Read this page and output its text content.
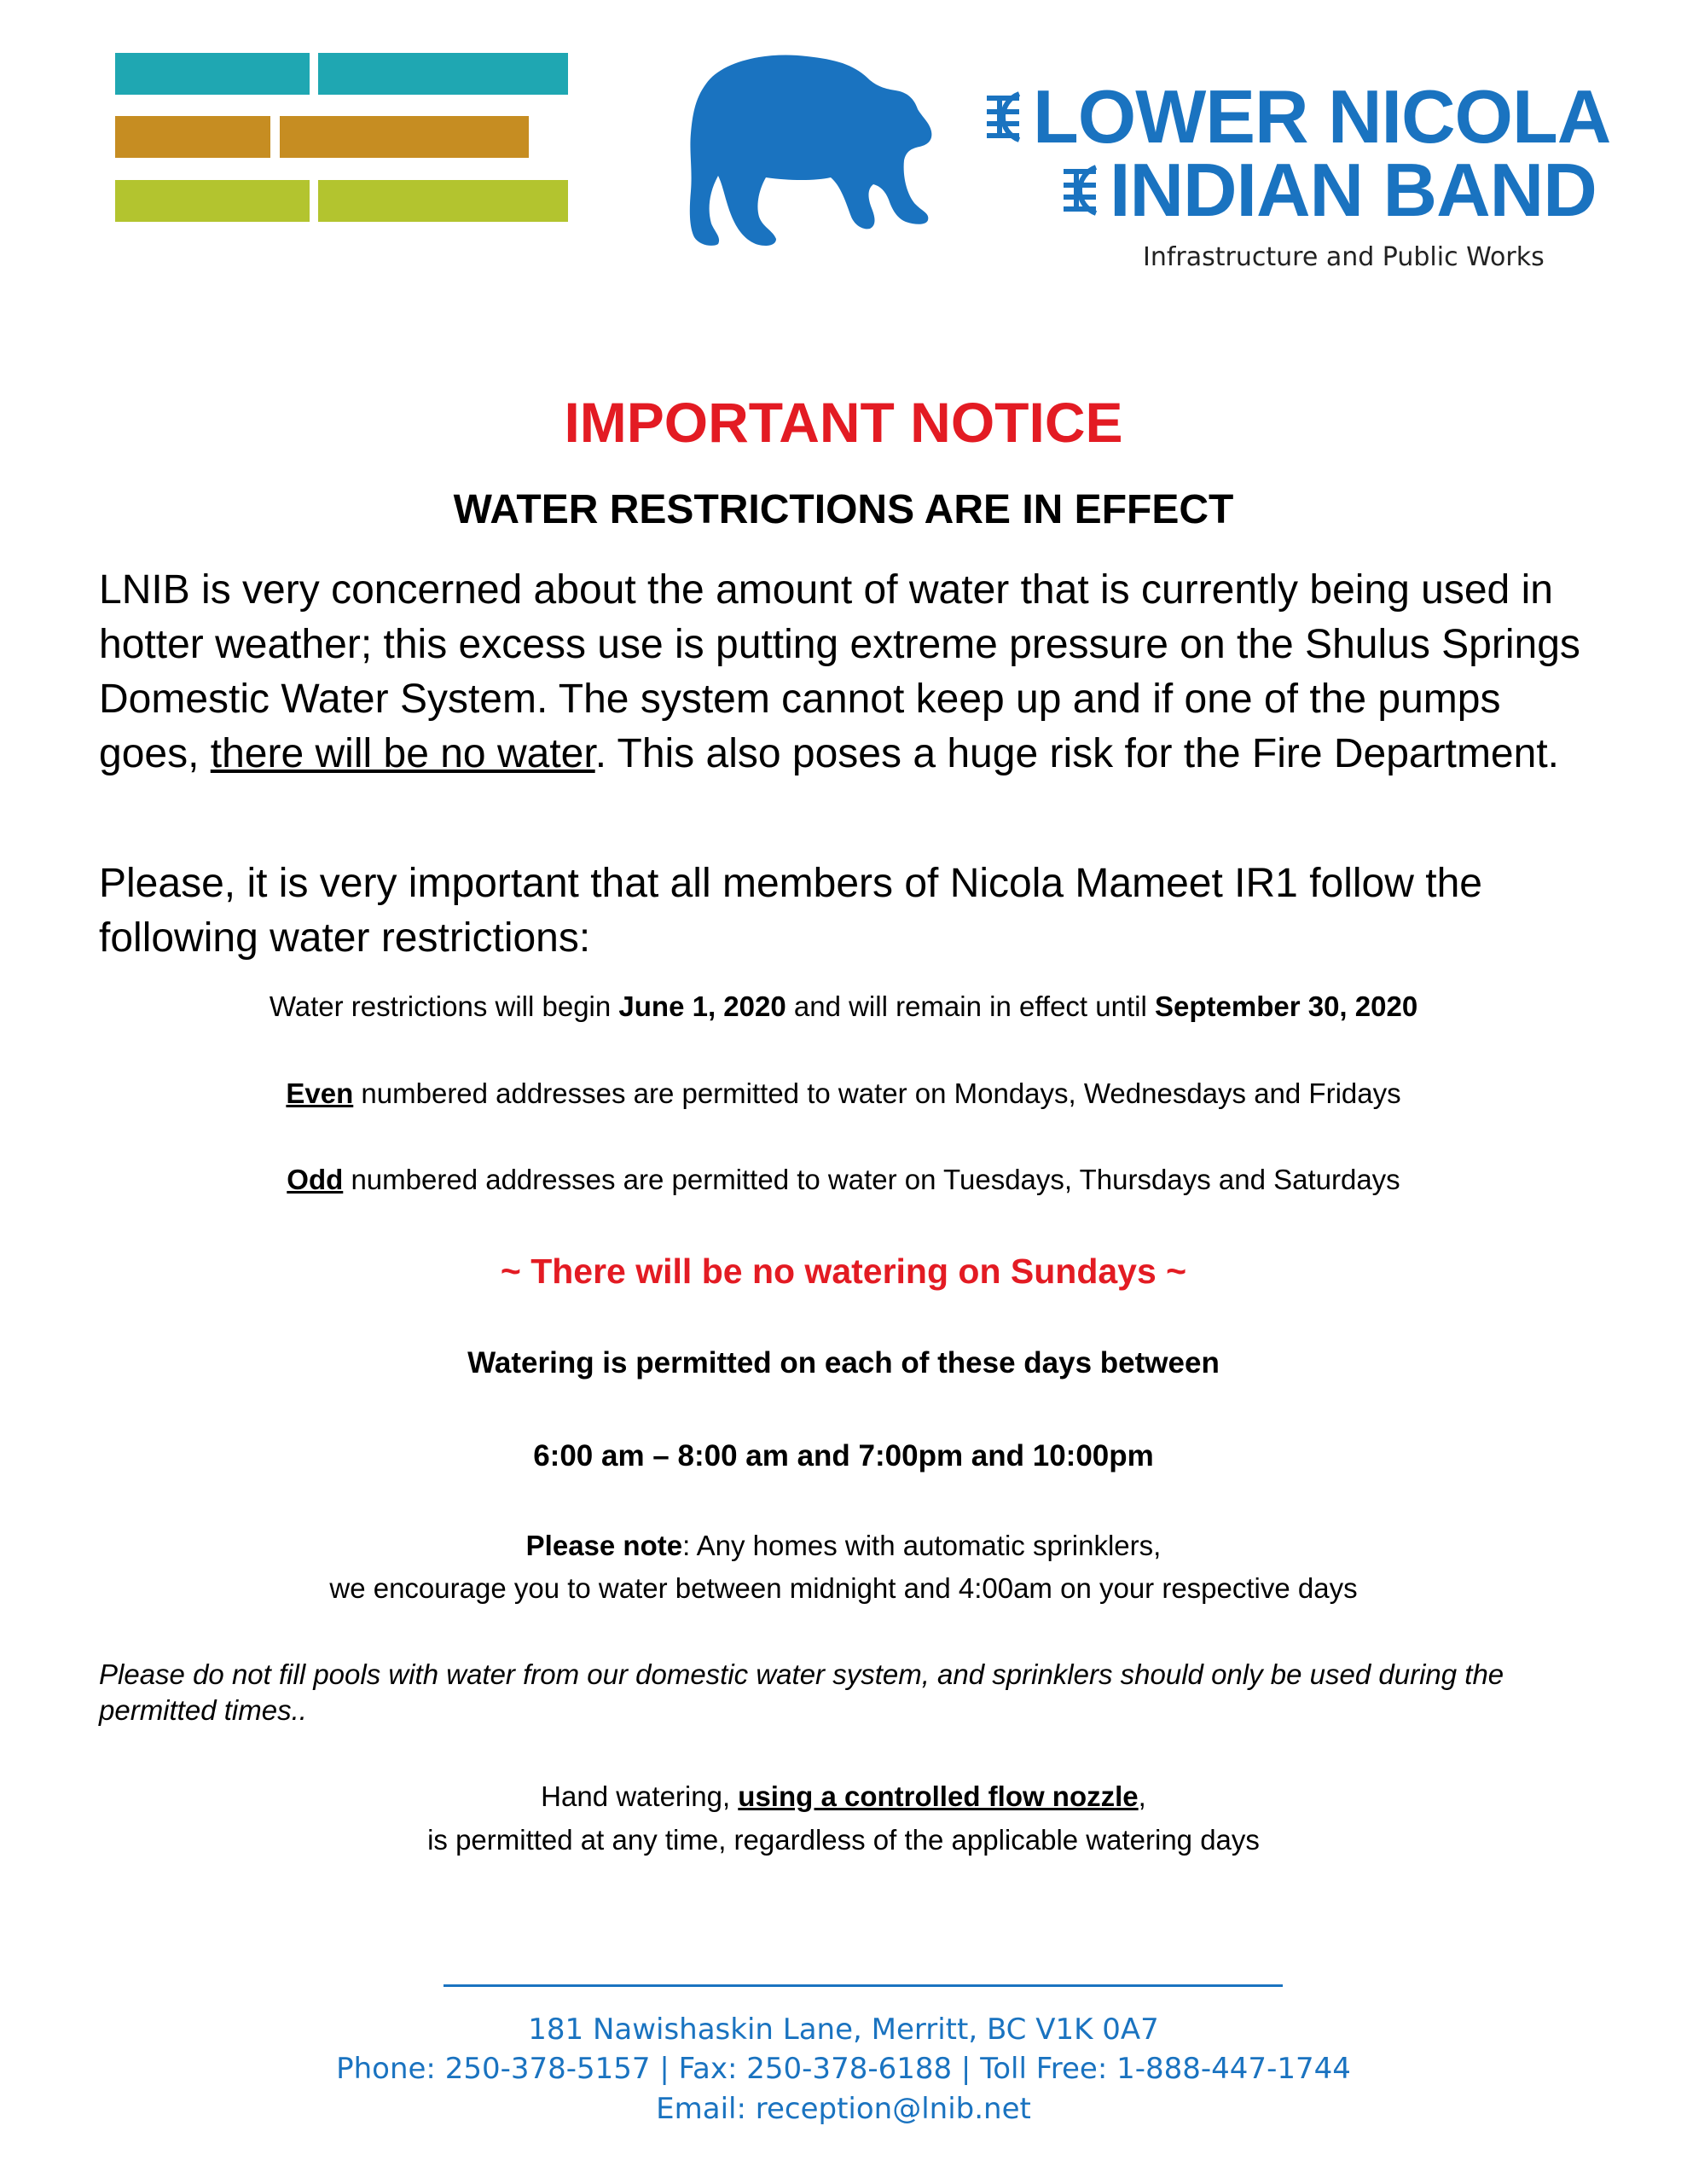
LOWER NICOLA
INDIAN BAND
Infrastructure and Public Works
IMPORTANT NOTICE
WATER RESTRICTIONS ARE IN EFFECT

LNIB is very concerned about the amount of water that is currently being used in hotter weather; this excess use is putting extreme pressure on the Shulus Springs Domestic Water System. The system cannot keep up and if one of the pumps goes, there will be no water. This also poses a huge risk for the Fire Department.

Please, it is very important that all members of Nicola Mameet IR1 follow the following water restrictions:

Water restrictions will begin June 1, 2020 and will remain in effect until September 30, 2020
Even numbered addresses are permitted to water on Mondays, Wednesdays and Fridays
Odd numbered addresses are permitted to water on Tuesdays, Thursdays and Saturdays
~ There will be no watering on Sundays ~
Watering is permitted on each of these days between
6:00 am – 8:00 am and 7:00pm and 10:00pm
Please note: Any homes with automatic sprinklers,
we encourage you to water between midnight and 4:00am on your respective days

Please do not fill pools with water from our domestic water system, and sprinklers should only be used during the permitted times..

Hand watering, using a controlled flow nozzle,
is permitted at any time, regardless of the applicable watering days
181 Nawishaskin Lane, Merritt, BC V1K 0A7
Phone: 250-378-5157 | Fax: 250-378-6188 | Toll Free: 1-888-447-1744
Email: reception@lnib.net
